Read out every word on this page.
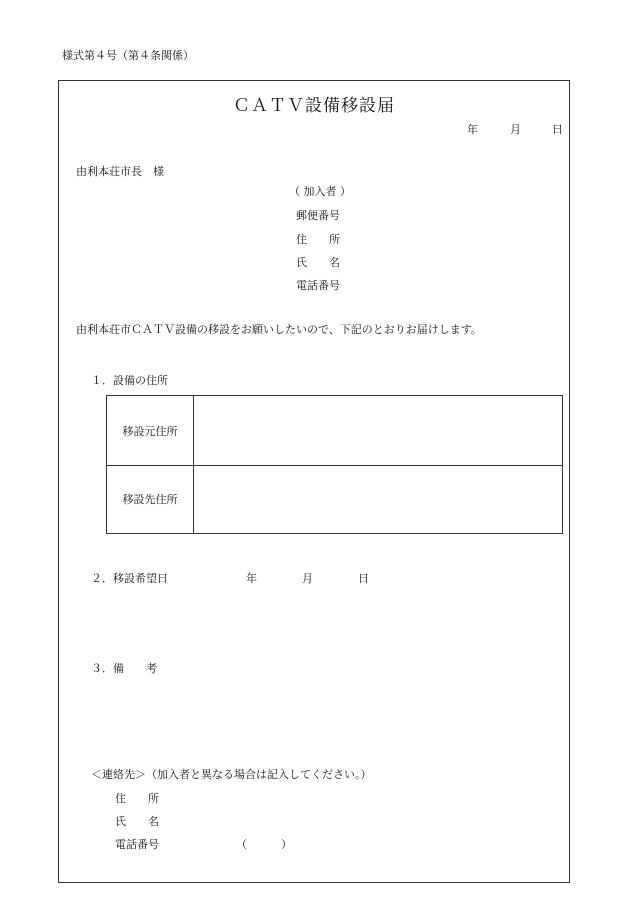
様式第４号（第４条関係）
ＣＡＴＶ設備移設届
年	月	日
由利本荘市長　様
（ 加入者 ）
郵便番号
住　　所
氏　　名
電話番号
由利本荘市ＣＡＴＶ設備の移設をお願いしたいので、下記のとおりお届けします。
１．設備の住所
移設元住所
移設先住所
２．移設希望日	年	月	日
３．備　　考
＜連絡先＞（加入者と異なる場合は記入してください。）
住　　所
氏　　名
電話番号	（	）
